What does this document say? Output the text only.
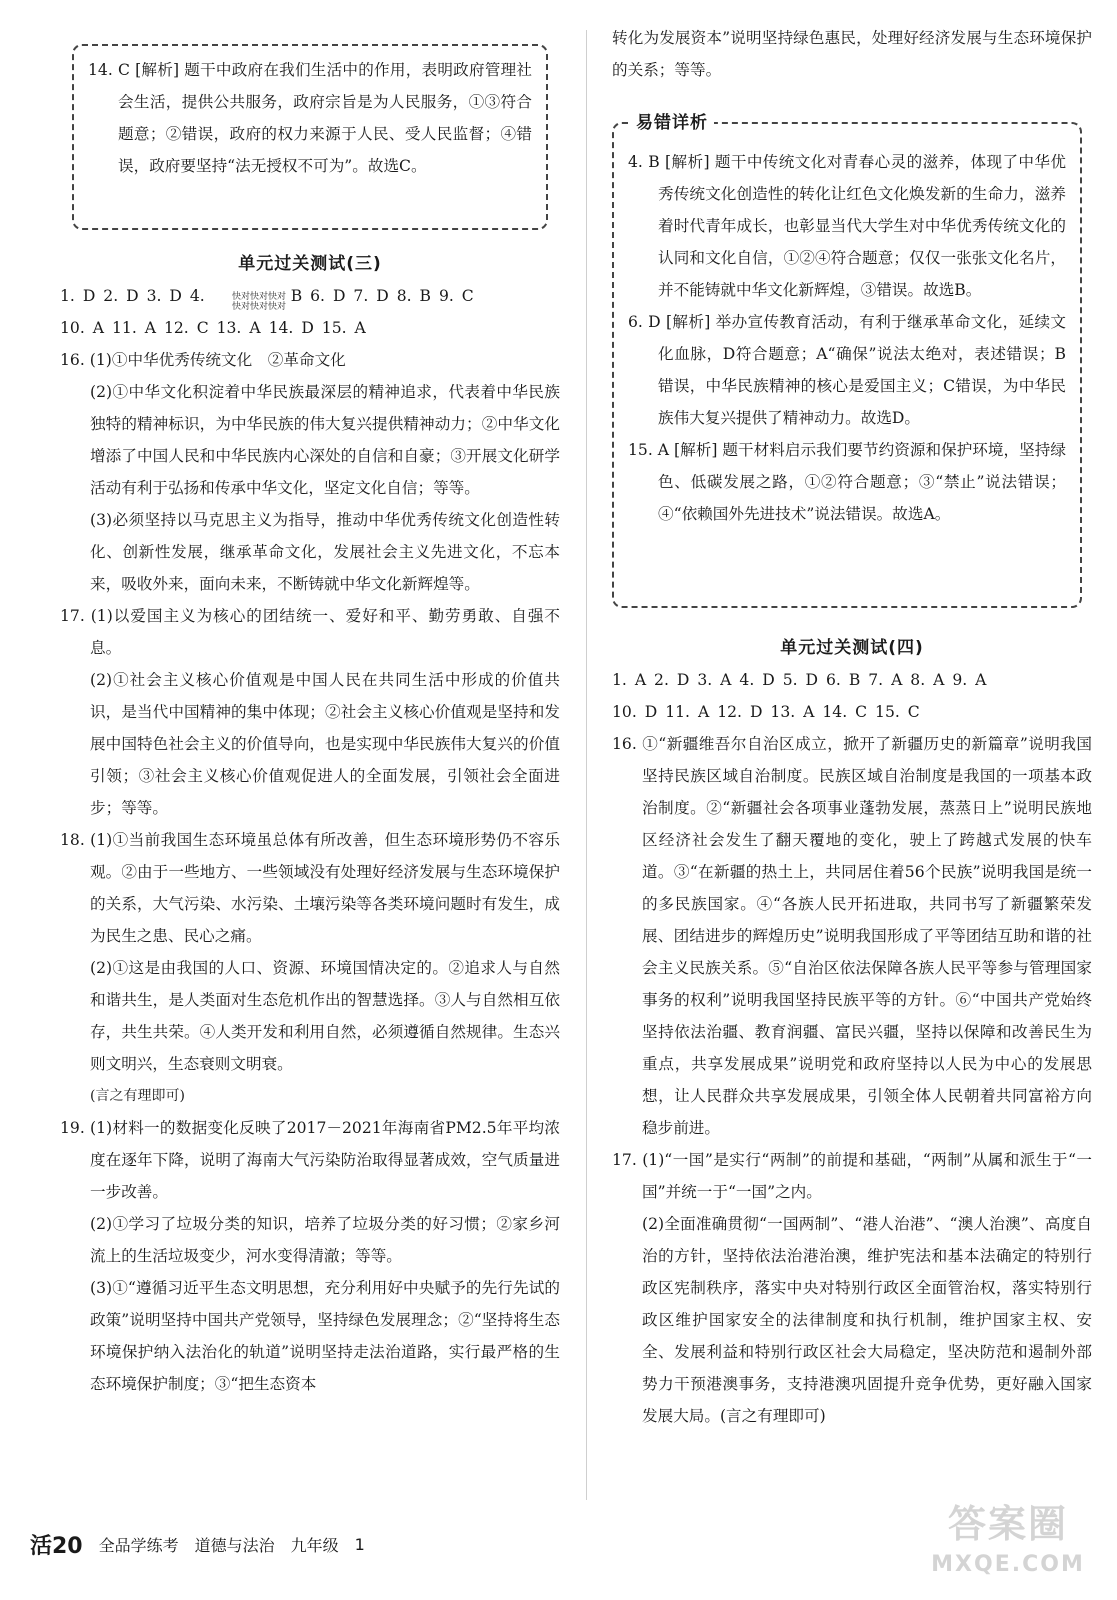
14. C [解析] 题干中政府在我们生活中的作用，表明政府管理社会生活，提供公共服务，政府宗旨是为人民服务，①③符合题意；②错误，政府的权力来源于人民、受人民监督；④错误，政府要坚持“法无授权不可为”。故选C。

单元过关测试(三)
1. D 2. D 3. D 4.	B 6. D 7. D 8. B 9. C
10. A 11. A 12. C 13. A 14. D 15. A

16. (1)①中华优秀传统文化　②革命文化

(2)①中华文化积淀着中华民族最深层的精神追求，代表着中华民族独特的精神标识，为中华民族的伟大复兴提供精神动力；②中华文化增添了中国人民和中华民族内心深处的自信和自豪；③开展文化研学活动有利于弘扬和传承中华文化，坚定文化自信；等等。

(3)必须坚持以马克思主义为指导，推动中华优秀传统文化创造性转化、创新性发展，继承革命文化，发展社会主义先进文化，不忘本来，吸收外来，面向未来，不断铸就中华文化新辉煌等。

17. (1)以爱国主义为核心的团结统一、爱好和平、勤劳勇敢、自强不息。

(2)①社会主义核心价值观是中国人民在共同生活中形成的价值共识，是当代中国精神的集中体现；②社会主义核心价值观是坚持和发展中国特色社会主义的价值导向，也是实现中华民族伟大复兴的价值引领；③社会主义核心价值观促进人的全面发展，引领社会全面进步；等等。

18. (1)①当前我国生态环境虽总体有所改善，但生态环境形势仍不容乐观。②由于一些地方、一些领域没有处理好经济发展与生态环境保护的关系，大气污染、水污染、土壤污染等各类环境问题时有发生，成为民生之患、民心之痛。

(2)①这是由我国的人口、资源、环境国情决定的。②追求人与自然和谐共生，是人类面对生态危机作出的智慧选择。③人与自然相互依存，共生共荣。④人类开发和利用自然，必须遵循自然规律。生态兴则文明兴，生态衰则文明衰。

(言之有理即可)

19. (1)材料一的数据变化反映了2017－2021年海南省PM2.5年平均浓度在逐年下降，说明了海南大气污染防治取得显著成效，空气质量进一步改善。

(2)①学习了垃圾分类的知识，培养了垃圾分类的好习惯；②家乡河流上的生活垃圾变少，河水变得清澈；等等。

(3)①“遵循习近平生态文明思想，充分利用好中央赋予的先行先试的政策”说明坚持中国共产党领导，坚持绿色发展理念；②“坚持将生态环境保护纳入法治化的轨道”说明坚持走法治道路，实行最严格的生态环境保护制度；③“把生态资本

快对快对快对
快对快对快对

转化为发展资本”说明坚持绿色惠民，处理好经济发展与生态环境保护的关系；等等。

易错详析

4. B [解析] 题干中传统文化对青春心灵的滋养，体现了中华优秀传统文化创造性的转化让红色文化焕发新的生命力，滋养着时代青年成长，也彰显当代大学生对中华优秀传统文化的认同和文化自信，①②④符合题意；仅仅一张张文化名片，并不能铸就中华文化新辉煌，③错误。故选B。

6. D [解析] 举办宣传教育活动，有利于继承革命文化，延续文化血脉，D符合题意；A“确保”说法太绝对，表述错误；B错误，中华民族精神的核心是爱国主义；C错误，为中华民族伟大复兴提供了精神动力。故选D。

15. A [解析] 题干材料启示我们要节约资源和保护环境，坚持绿色、低碳发展之路，①②符合题意；③“禁止”说法错误；④“依赖国外先进技术”说法错误。故选A。

单元过关测试(四)
1. A 2. D 3. A 4. D 5. D 6. B 7. A 8. A 9. A
10. D 11. A 12. D 13. A 14. C 15. C

16. ①“新疆维吾尔自治区成立，掀开了新疆历史的新篇章”说明我国坚持民族区域自治制度。民族区域自治制度是我国的一项基本政治制度。②“新疆社会各项事业蓬勃发展，蒸蒸日上”说明民族地区经济社会发生了翻天覆地的变化，驶上了跨越式发展的快车道。③“在新疆的热土上，共同居住着56个民族”说明我国是统一的多民族国家。④“各族人民开拓进取，共同书写了新疆繁荣发展、团结进步的辉煌历史”说明我国形成了平等团结互助和谐的社会主义民族关系。⑤“自治区依法保障各族人民平等参与管理国家事务的权利”说明我国坚持民族平等的方针。⑥“中国共产党始终坚持依法治疆、教育润疆、富民兴疆，坚持以保障和改善民生为重点，共享发展成果”说明党和政府坚持以人民为中心的发展思想，让人民群众共享发展成果，引领全体人民朝着共同富裕方向稳步前进。

17. (1)“一国”是实行“两制”的前提和基础，“两制”从属和派生于“一国”并统一于“一国”之内。

(2)全面准确贯彻“一国两制”、“港人治港”、“澳人治澳”、高度自治的方针，坚持依法治港治澳，维护宪法和基本法确定的特别行政区宪制秩序，落实中央对特别行政区全面管治权，落实特别行政区维护国家安全的法律制度和执行机制，维护国家主权、安全、发展利益和特别行政区社会大局稳定，坚决防范和遏制外部势力干预港澳事务，支持港澳巩固提升竞争优势，更好融入国家发展大局。(言之有理即可)

活20 全品学练考 道德与法治 九年级 1	答案圈
MXQE.COM
